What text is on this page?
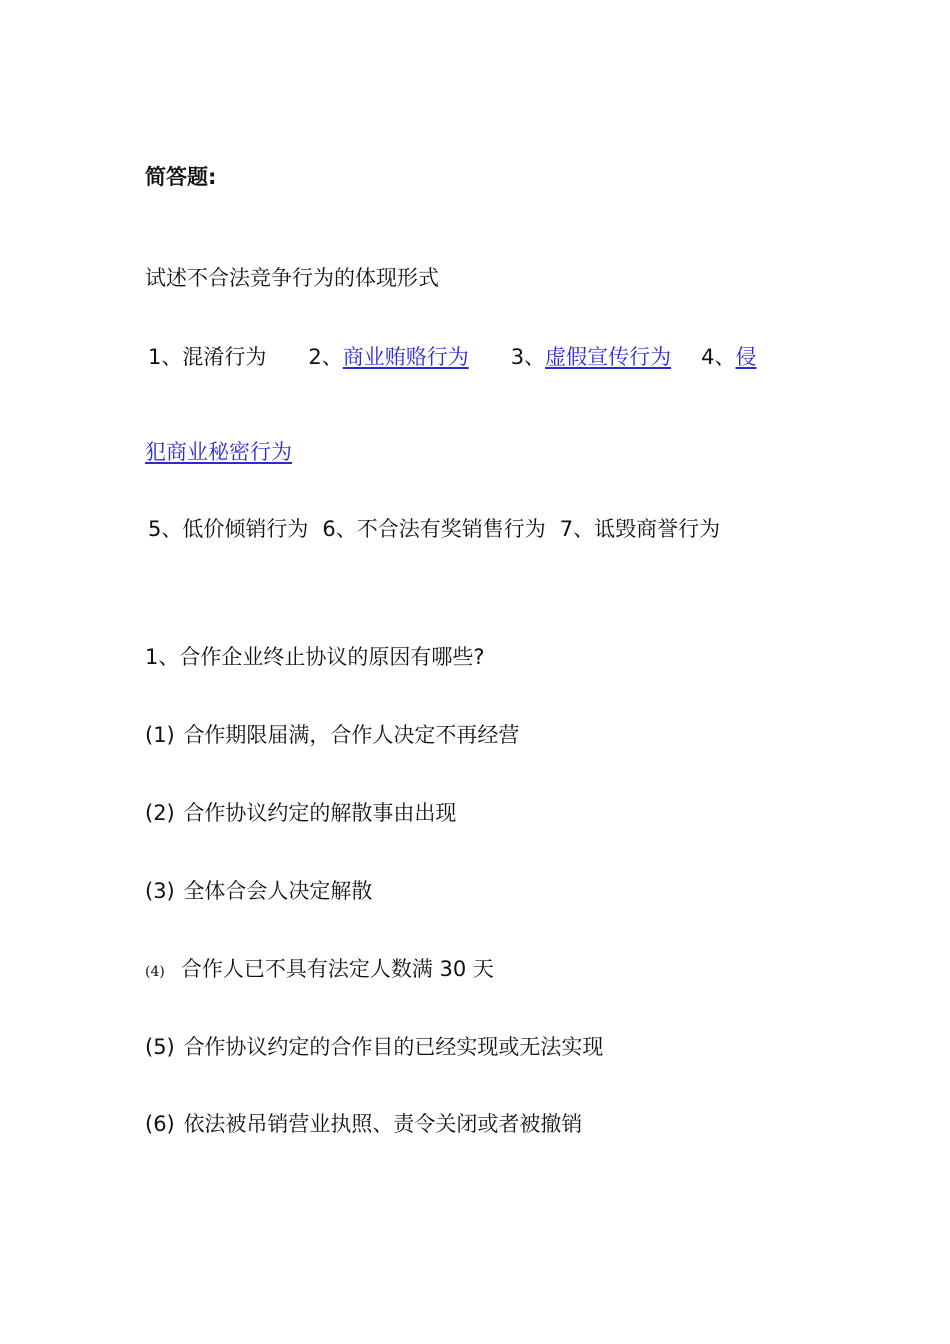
简答题:
试述不合法竞争行为的体现形式
1、混淆行为 2、商业贿赂行为 3、虚假宣传行为 4、侵
犯商业秘密行为
5、低价倾销行为 6、不合法有奖销售行为 7、诋毁商誉行为
1、合作企业终止协议的原因有哪些?
(1) 合作期限届满，合作人决定不再经营
(2) 合作协议约定的解散事由出现
(3) 全体合会人决定解散
(4) 合作人已不具有法定人数满 30 天
(5) 合作协议约定的合作目的已经实现或无法实现
(6) 依法被吊销营业执照、责令关闭或者被撤销
